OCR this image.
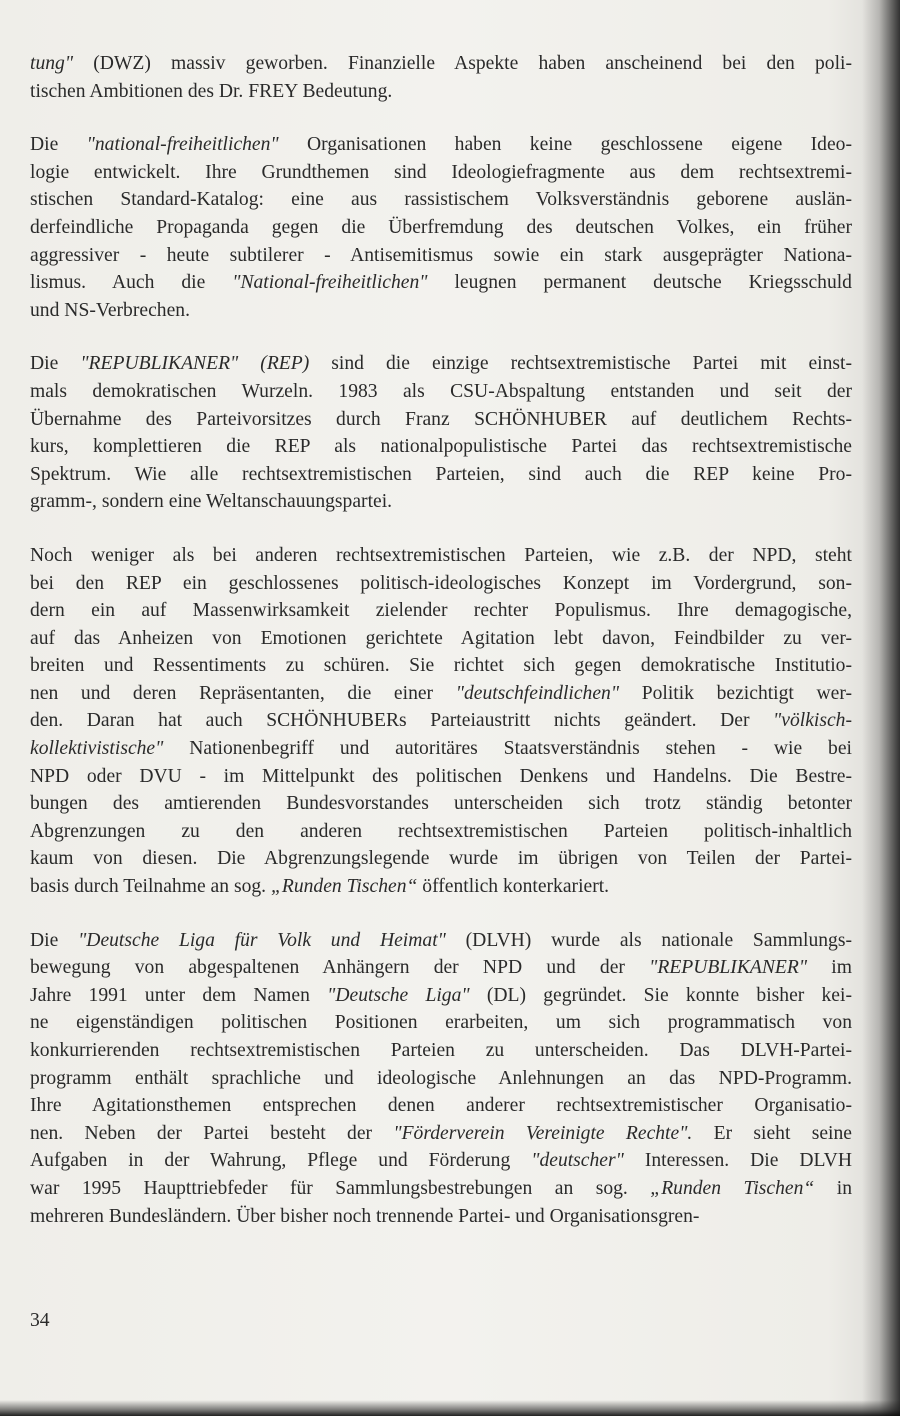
tung" (DWZ) massiv geworben. Finanzielle Aspekte haben anscheinend bei den poli-
tischen Ambitionen des Dr. FREY Bedeutung.
Die "national-freiheitlichen" Organisationen haben keine geschlossene eigene Ideo-
logie entwickelt. Ihre Grundthemen sind Ideologiefragmente aus dem rechtsextremi-
stischen Standard-Katalog: eine aus rassistischem Volksverständnis geborene auslän-
derfeindliche Propaganda gegen die Überfremdung des deutschen Volkes, ein früher
aggressiver - heute subtilerer - Antisemitismus sowie ein stark ausgeprägter Nationa-
lismus. Auch die "National-freiheitlichen" leugnen permanent deutsche Kriegsschuld
und NS-Verbrechen.
Die "REPUBLIKANER" (REP) sind die einzige rechtsextremistische Partei mit einst-
mals demokratischen Wurzeln. 1983 als CSU-Abspaltung entstanden und seit der
Übernahme des Parteivorsitzes durch Franz SCHÖNHUBER auf deutlichem Rechts-
kurs, komplettieren die REP als nationalpopulistische Partei das rechtsextremistische
Spektrum. Wie alle rechtsextremistischen Parteien, sind auch die REP keine Pro-
gramm-, sondern eine Weltanschauungspartei.
Noch weniger als bei anderen rechtsextremistischen Parteien, wie z.B. der NPD, steht
bei den REP ein geschlossenes politisch-ideologisches Konzept im Vordergrund, son-
dern ein auf Massenwirksamkeit zielender rechter Populismus. Ihre demagogische,
auf das Anheizen von Emotionen gerichtete Agitation lebt davon, Feindbilder zu ver-
breiten und Ressentiments zu schüren. Sie richtet sich gegen demokratische Institutio-
nen und deren Repräsentanten, die einer "deutschfeindlichen" Politik bezichtigt wer-
den. Daran hat auch SCHÖNHUBERs Parteiaustritt nichts geändert. Der "völkisch-
kollektivistische" Nationenbegriff und autoritäres Staatsverständnis stehen - wie bei
NPD oder DVU - im Mittelpunkt des politischen Denkens und Handelns. Die Bestre-
bungen des amtierenden Bundesvorstandes unterscheiden sich trotz ständig betonter
Abgrenzungen zu den anderen rechtsextremistischen Parteien politisch-inhaltlich
kaum von diesen. Die Abgrenzungslegende wurde im übrigen von Teilen der Partei-
basis durch Teilnahme an sog. „Runden Tischen“ öffentlich konterkariert.
Die "Deutsche Liga für Volk und Heimat" (DLVH) wurde als nationale Sammlungs-
bewegung von abgespaltenen Anhängern der NPD und der "REPUBLIKANER" im
Jahre 1991 unter dem Namen "Deutsche Liga" (DL) gegründet. Sie konnte bisher kei-
ne eigenständigen politischen Positionen erarbeiten, um sich programmatisch von
konkurrierenden rechtsextremistischen Parteien zu unterscheiden. Das DLVH-Partei-
programm enthält sprachliche und ideologische Anlehnungen an das NPD-Programm.
Ihre Agitationsthemen entsprechen denen anderer rechtsextremistischer Organisatio-
nen. Neben der Partei besteht der "Förderverein Vereinigte Rechte". Er sieht seine
Aufgaben in der Wahrung, Pflege und Förderung "deutscher" Interessen. Die DLVH
war 1995 Haupttriebfeder für Sammlungsbestrebungen an sog. „Runden Tischen“ in
mehreren Bundesländern. Über bisher noch trennende Partei- und Organisationsgren-
34
